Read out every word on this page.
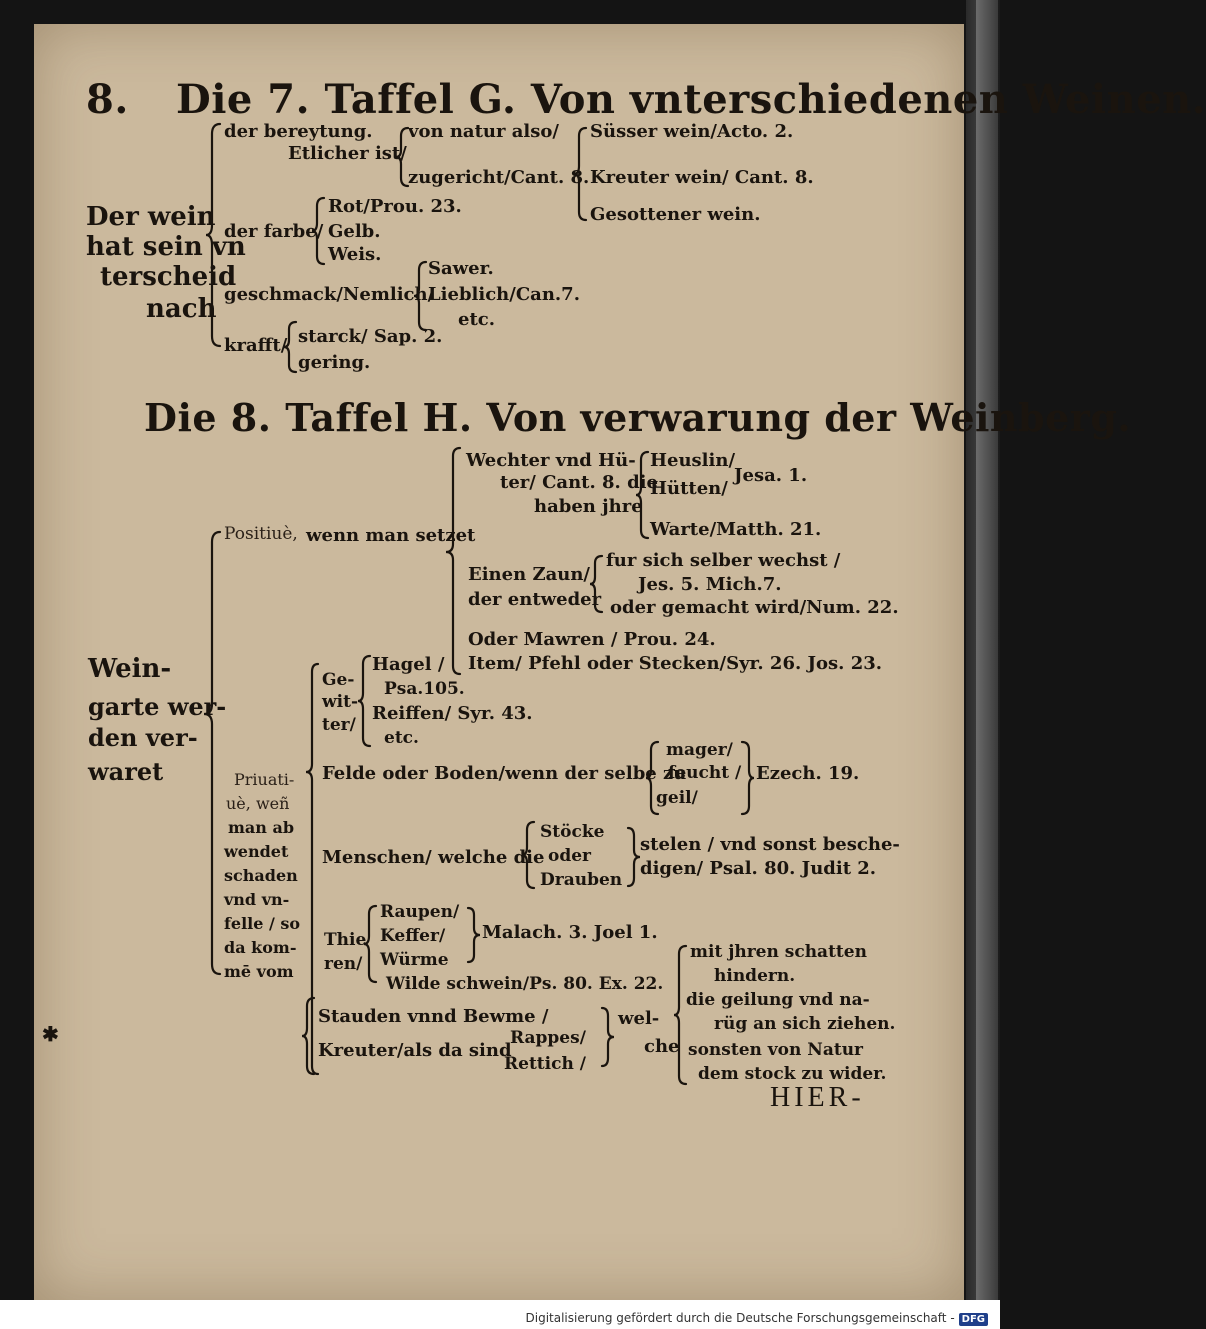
8. Die 7. Taffel G. Von vnterschiedenen Weinen.
Der wein
hat sein vn
terscheid
nach
der bereytung.
Etlicher ist/
von natur also/
zugericht/Cant. 8.
Süsser wein/Acto. 2.
Kreuter wein/ Cant. 8.
Gesottener wein.
der farbe/
Rot/Prou. 23.
Gelb.
Weis.
geschmack/Nemlich/
Sawer.
Lieblich/Can.7.
etc.
krafft/ starck/ Sap. 2.
gering.
Die 8. Taffel H. Von verwarung der Weinberg.
Wein-
garte wer-
den ver-
waret
Positiuè, wenn man setzet
Wechter vnd Hü-
ter/ Cant. 8. die
haben jhre
Heuslin/
Hütten/
Jesa. 1.
Warte/Matth. 21.
Einen Zaun/
der entweder
fur sich selber wechst /
Jes. 5. Mich.7.
oder gemacht wird/Num. 22.
Oder Mawren / Prou. 24.
Item/ Pfehl oder Stecken/Syr. 26. Jos. 23.
Priuati-
uè, weñ
man ab
wendet
schaden
vnd vn-
felle / so
da kom-
mē vom
Ge-
wit-
ter/
Hagel /
Psa.105.
Reiffen/ Syr. 43.
etc.
Felde oder Boden/wenn der selbe zu
mager/
feucht /
geil/
Ezech. 19.
Menschen/ welche die
Stöcke
oder
Drauben
stelen / vnd sonst besche-
digen/ Psal. 80. Judit 2.
Thie
ren/
Raupen/
Keffer/
Würme
Malach. 3. Joel 1.
Wilde schwein/Ps. 80. Ex. 22.
Stauden vnnd Bewme /
Kreuter/als da sind
Rappes/
Rettich /
wel-
che
mit jhren schatten
hindern.
die geilung vnd na-
rüg an sich ziehen.
sonsten von Natur
dem stock zu wider.
HIER-
✱
Digitalisierung gefördert durch die Deutsche Forschungsgemeinschaft - DFG
